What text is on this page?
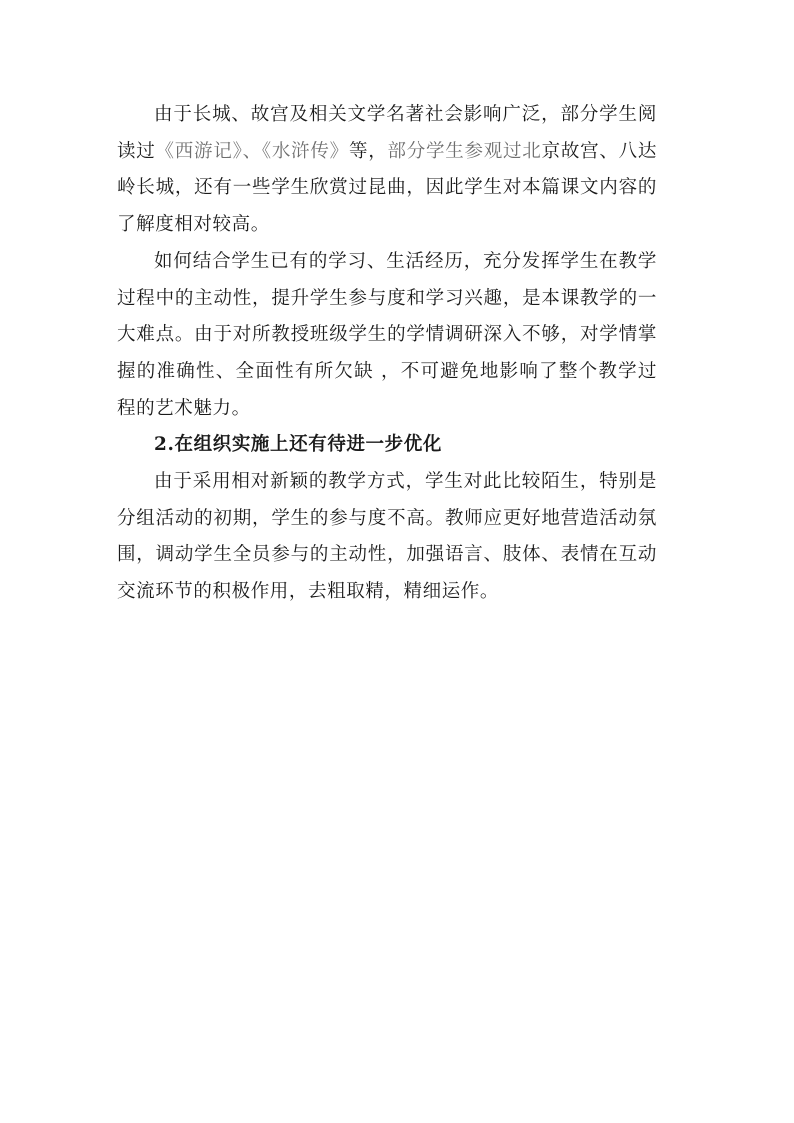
由于长城、故宫及相关文学名著社会影响广泛，部分学生阅读过《西游记》、《水浒传》等，部分学生参观过北京故宫、八达岭长城，还有一些学生欣赏过昆曲，因此学生对本篇课文内容的了解度相对较高。

如何结合学生已有的学习、生活经历，充分发挥学生在教学过程中的主动性，提升学生参与度和学习兴趣，是本课教学的一大难点。由于对所教授班级学生的学情调研深入不够，对学情掌握的准确性、全面性有所欠缺 ，不可避免地影响了整个教学过程的艺术魅力。

2.在组织实施上还有待进一步优化

由于采用相对新颖的教学方式，学生对此比较陌生，特别是分组活动的初期，学生的参与度不高。教师应更好地营造活动氛围，调动学生全员参与的主动性，加强语言、肢体、表情在互动交流环节的积极作用，去粗取精，精细运作。
